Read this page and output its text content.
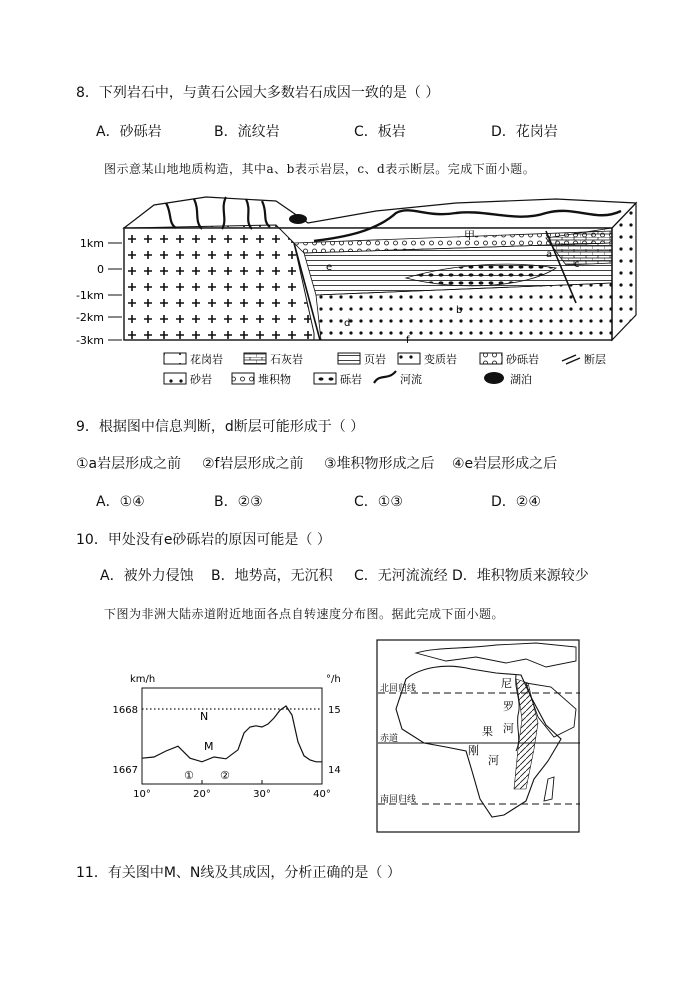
8．下列岩石中，与黄石公园大多数岩石成因一致的是（ ）
A．砂砾岩	B．流纹岩	C．板岩	D．花岗岩
图示意某山地地质构造，其中a、b表示岩层，c、d表示断层。完成下面小题。
1km
0
-1km
-2km
-3km
甲
e
a
b
c
d
f
花岗岩	石灰岩	页岩	变质岩	砂砾岩	断层
砂岩	堆积物	砾岩	河流	湖泊
9．根据图中信息判断，d断层可能形成于（ ）
①a岩层形成之前 ②f岩层形成之前 ③堆积物形成之后 ④e岩层形成之后
A．①④	B．②③	C．①③	D．②④
10．甲处没有e砂砾岩的原因可能是（ ）
A．被外力侵蚀 B．地势高，无沉积 C．无河流流经 D．堆积物质来源较少
下图为非洲大陆赤道附近地面各点自转速度分布图。据此完成下面小题。
km/h	°/h
10°	20°	30°	40°
1668	15
1667	14
N
M
① ②
北回归线
赤道
南回归线
尼
罗
河
果
刚
河
11．有关图中M、N线及其成因，分析正确的是（ ）
